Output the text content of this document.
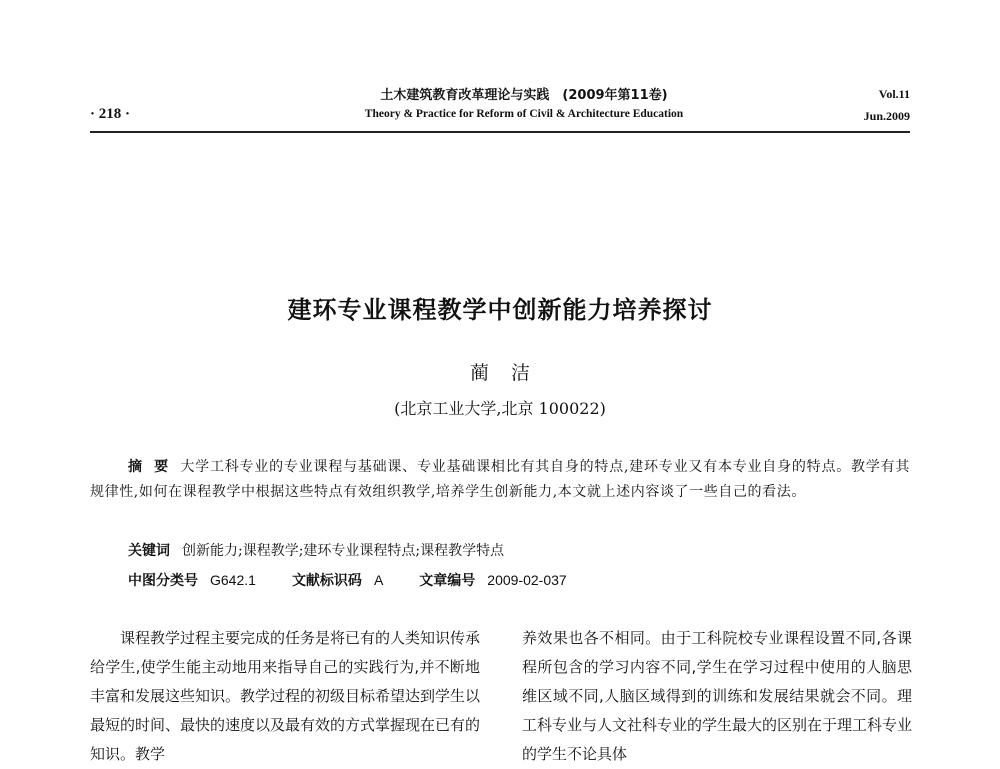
土木建筑教育改革理论与实践　(2009年第11卷)
Theory & Practice for Reform of Civil & Architecture Education
· 218 ·
Vol.11
Jun.2009
建环专业课程教学中创新能力培养探讨
蔺洁
(北京工业大学,北京 100022)
摘要大学工科专业的专业课程与基础课、专业基础课相比有其自身的特点,建环专业又有本专业自身的特点。教学有其规律性,如何在课程教学中根据这些特点有效组织教学,培养学生创新能力,本文就上述内容谈了一些自己的看法。
关键词 创新能力;课程教学;建环专业课程特点;课程教学特点
中图分类号 G642.1	文献标识码 A	文章编号 2009-02-037
课程教学过程主要完成的任务是将已有的人类知识传承给学生,使学生能主动地用来指导自己的实践行为,并不断地丰富和发展这些知识。教学过程的初级目标希望达到学生以最短的时间、最快的速度以及最有效的方式掌握现在已有的知识。教学
养效果也各不相同。由于工科院校专业课程设置不同,各课程所包含的学习内容不同,学生在学习过程中使用的人脑思维区域不同,人脑区域得到的训练和发展结果就会不同。理工科专业与人文社科专业的学生最大的区别在于理工科专业的学生不论具体
